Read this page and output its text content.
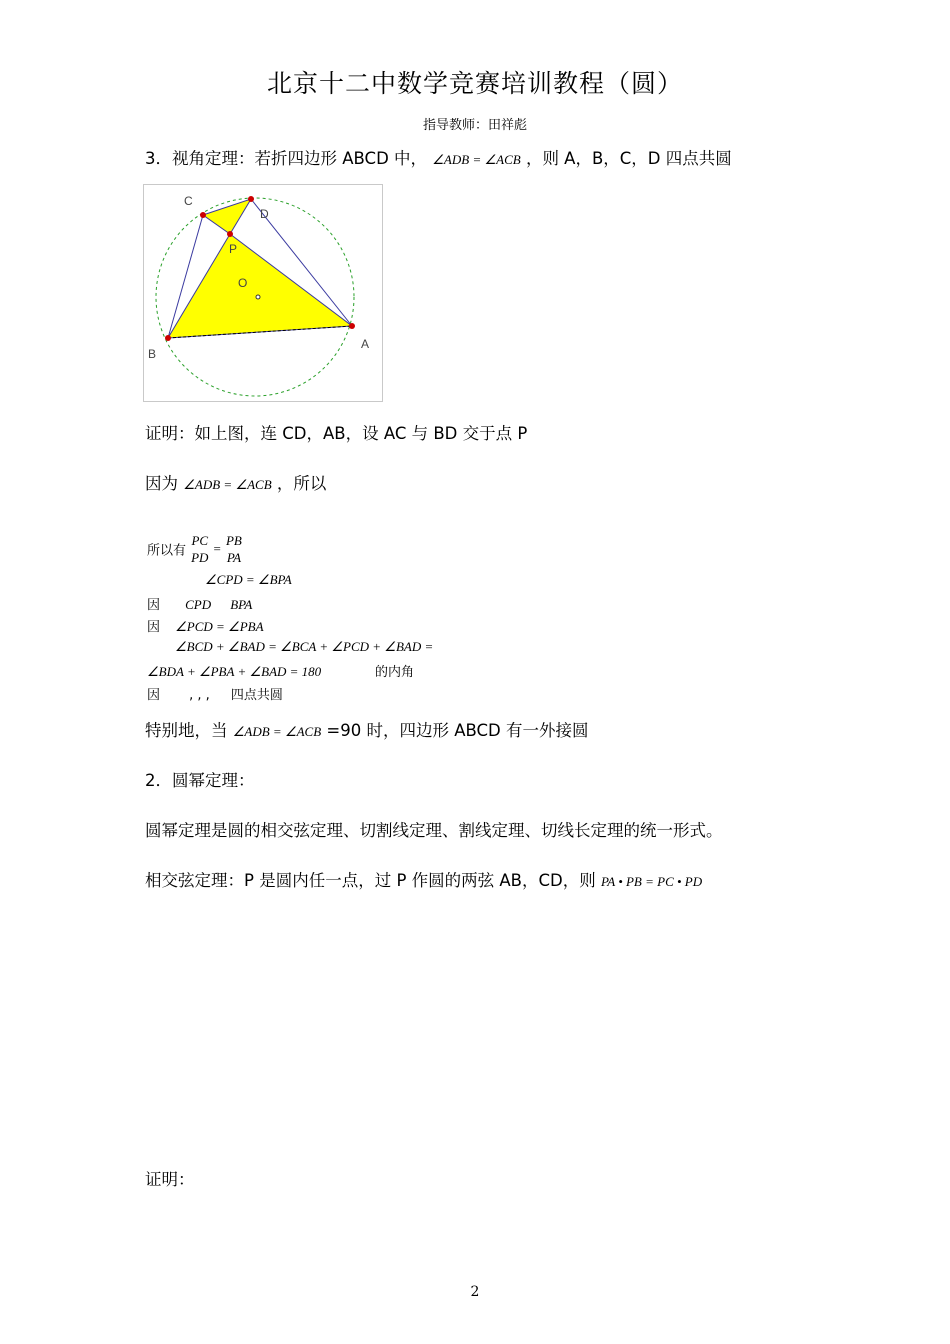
北京十二中数学竞赛培训教程（圆）
指导教师：田祥彪
3．视角定理：若折四边形 ABCD 中， ∠ADB = ∠ACB ，则 A，B，C，D 四点共圆
C
D
P
O
B
A
证明：如上图，连 CD，AB，设 AC 与 BD 交于点 P
因为 ∠ADB = ∠ACB ，所以
所以有
PC
PD =
PB
PA
∠CPD = ∠BPA
因 CPD BPA
因 ∠PCD = ∠PBA
∠BCD + ∠BAD = ∠BCA + ∠PCD + ∠BAD =
∠BDA + ∠PBA + ∠BAD = 180	的内角
因 , , , 四点共圆
特别地，当 ∠ADB = ∠ACB =90 时，四边形 ABCD 有一外接圆
2．圆幂定理：
圆幂定理是圆的相交弦定理、切割线定理、割线定理、切线长定理的统一形式。
相交弦定理：P 是圆内任一点，过 P 作圆的两弦 AB，CD，则 PA • PB = PC • PD
证明：
2
